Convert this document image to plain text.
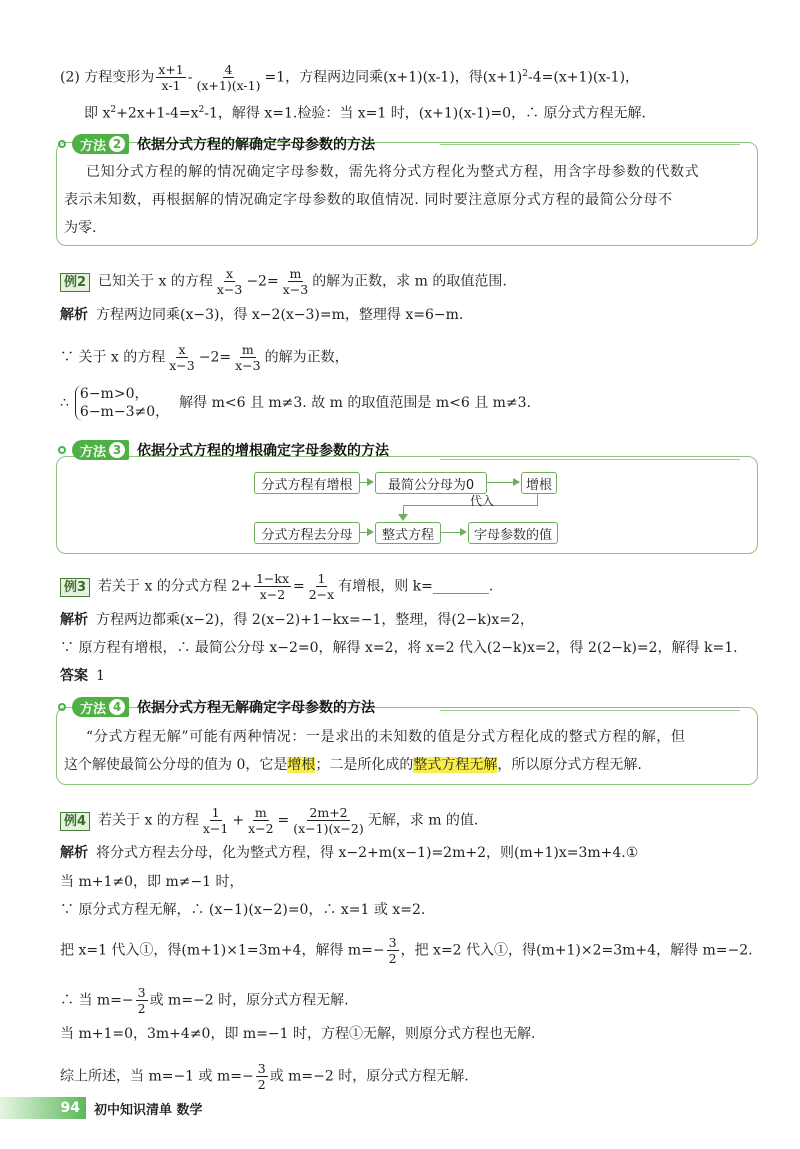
(2) 方程变形为 $\frac{x+1}{x-1} - \frac{4}{(x+1)(x-1)} =1$，方程两边同乘(x+1)(x-1)，得$(x+1)^2-4=(x+1)(x-1)$，
即 $x^2+2x+1-4=x^2-1$，解得 x=1.检验：当 x=1 时，(x+1)(x-1)=0，∴ 原分式方程无解.
方法 2 依据分式方程的解确定字母参数的方法
已知分式方程的解的情况确定字母参数，需先将分式方程化为整式方程，用含字母参数的代数式
表示未知数，再根据解的情况确定字母参数的取值情况. 同时要注意原分式方程的最简公分母不
为零.
例2 已知关于 x 的方程 $\frac{x}{x-3} -2= \frac{m}{x-3}$ 的解为正数，求 m 的取值范围.
解析 方程两边同乘(x−3)，得 x−2(x−3)=m，整理得 x=6−m.
∵ 关于 x 的方程 $\frac{x}{x-3} -2= \frac{m}{x-3}$ 的解为正数，
∴
6−m>0，
6−m−3≠0，
解得 m<6 且 m≠3. 故 m 的取值范围是 m<6 且 m≠3.
方法 3 依据分式方程的增根确定字母参数的方法
分式方程有增根	最简公分母为0	增根
代入
分式方程去分母	整式方程	字母参数的值
例3 若关于 x 的分式方程 $2+ \frac{1-kx}{x-2} = \frac{1}{2-x}$ 有增根，则 k=________.
解析 方程两边都乘(x−2)，得 2(x−2)+1−kx=−1，整理，得(2−k)x=2，
∵ 原方程有增根，∴ 最简公分母 x−2=0，解得 x=2，将 x=2 代入(2−k)x=2，得 2(2−k)=2，解得 k=1.
答案 1
方法 4 依据分式方程无解确定字母参数的方法
“分式方程无解”可能有两种情况：一是求出的未知数的值是分式方程化成的整式方程的解，但
这个解使最简公分母的值为 0，它是增根；二是所化成的整式方程无解，所以原分式方程无解.
例4 若关于 x 的方程 $\frac{1}{x-1} + \frac{m}{x-2} = \frac{2m+2}{(x-1)(x-2)}$ 无解，求 m 的值.
解析 将分式方程去分母，化为整式方程，得 x−2+m(x−1)=2m+2，则(m+1)x=3m+4.①
当 m+1≠0，即 m≠−1 时，
∵ 原分式方程无解，∴ (x−1)(x−2)=0，∴ x=1 或 x=2.
把 x=1 代入①，得(m+1)×1=3m+4，解得 $m=- \frac{3}{2}$ ，把 x=2 代入①，得(m+1)×2=3m+4，解得 m=−2.
∴ 当 $m=- \frac{3}{2}$ 或 m=−2 时，原分式方程无解.
当 m+1=0，3m+4≠0，即 m=−1 时，方程①无解，则原分式方程也无解.
综上所述，当 m=−1 或 $m=- \frac{3}{2}$ 或 m=−2 时，原分式方程无解.
94	初中知识清单 数学
